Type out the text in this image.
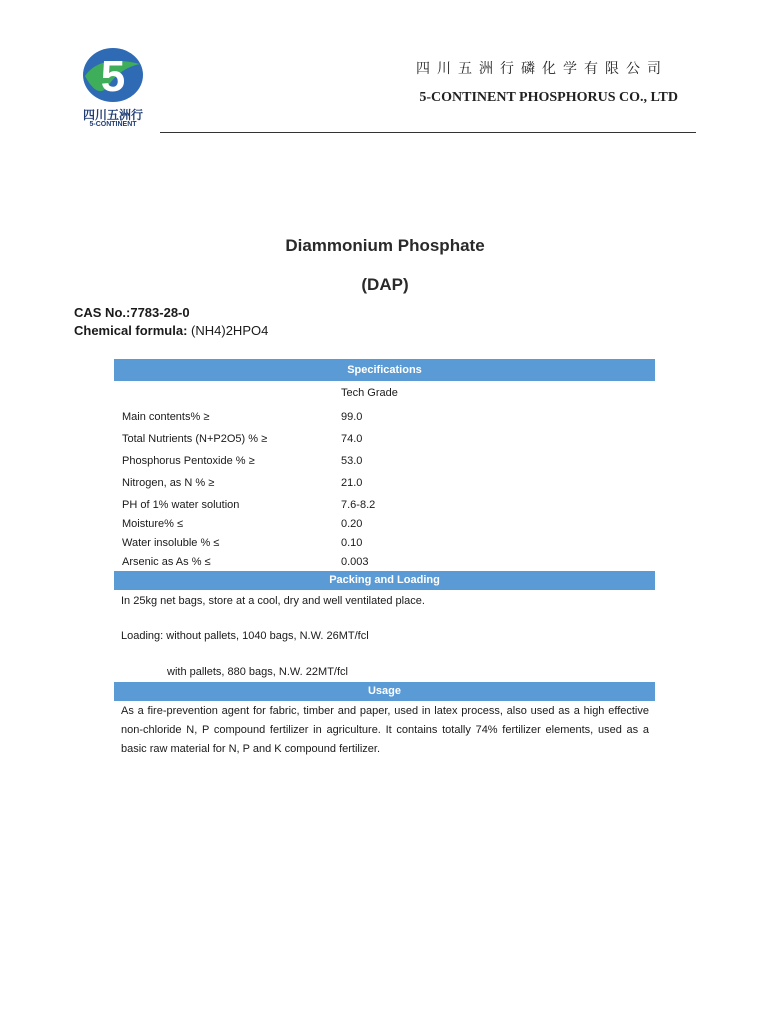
5
四川五洲行
5-CONTINENT
四川五洲行磷化学有限公司
5-CONTINENT PHOSPHORUS CO., LTD
Diammonium Phosphate
(DAP)
CAS No.:7783-28-0
Chemical formula: (NH4)2HPO4
Specifications
Tech Grade
Main contents% ≥	99.0
Total Nutrients (N+P2O5) % ≥	74.0
Phosphorus Pentoxide % ≥	53.0
Nitrogen, as N % ≥	21.0
PH of 1% water solution	7.6-8.2
Moisture% ≤	0.20
Water insoluble % ≤	0.10
Arsenic as As % ≤	0.003
Packing and Loading
In 25kg net bags, store at a cool, dry and well ventilated place.
Loading: without pallets, 1040 bags, N.W. 26MT/fcl
with pallets, 880 bags, N.W. 22MT/fcl
Usage
As a fire-prevention agent for fabric, timber and paper, used in latex process, also used as a high effective non-chloride N, P compound fertilizer in agriculture. It contains totally 74% fertilizer elements, used as a basic raw material for N, P and K compound fertilizer.
